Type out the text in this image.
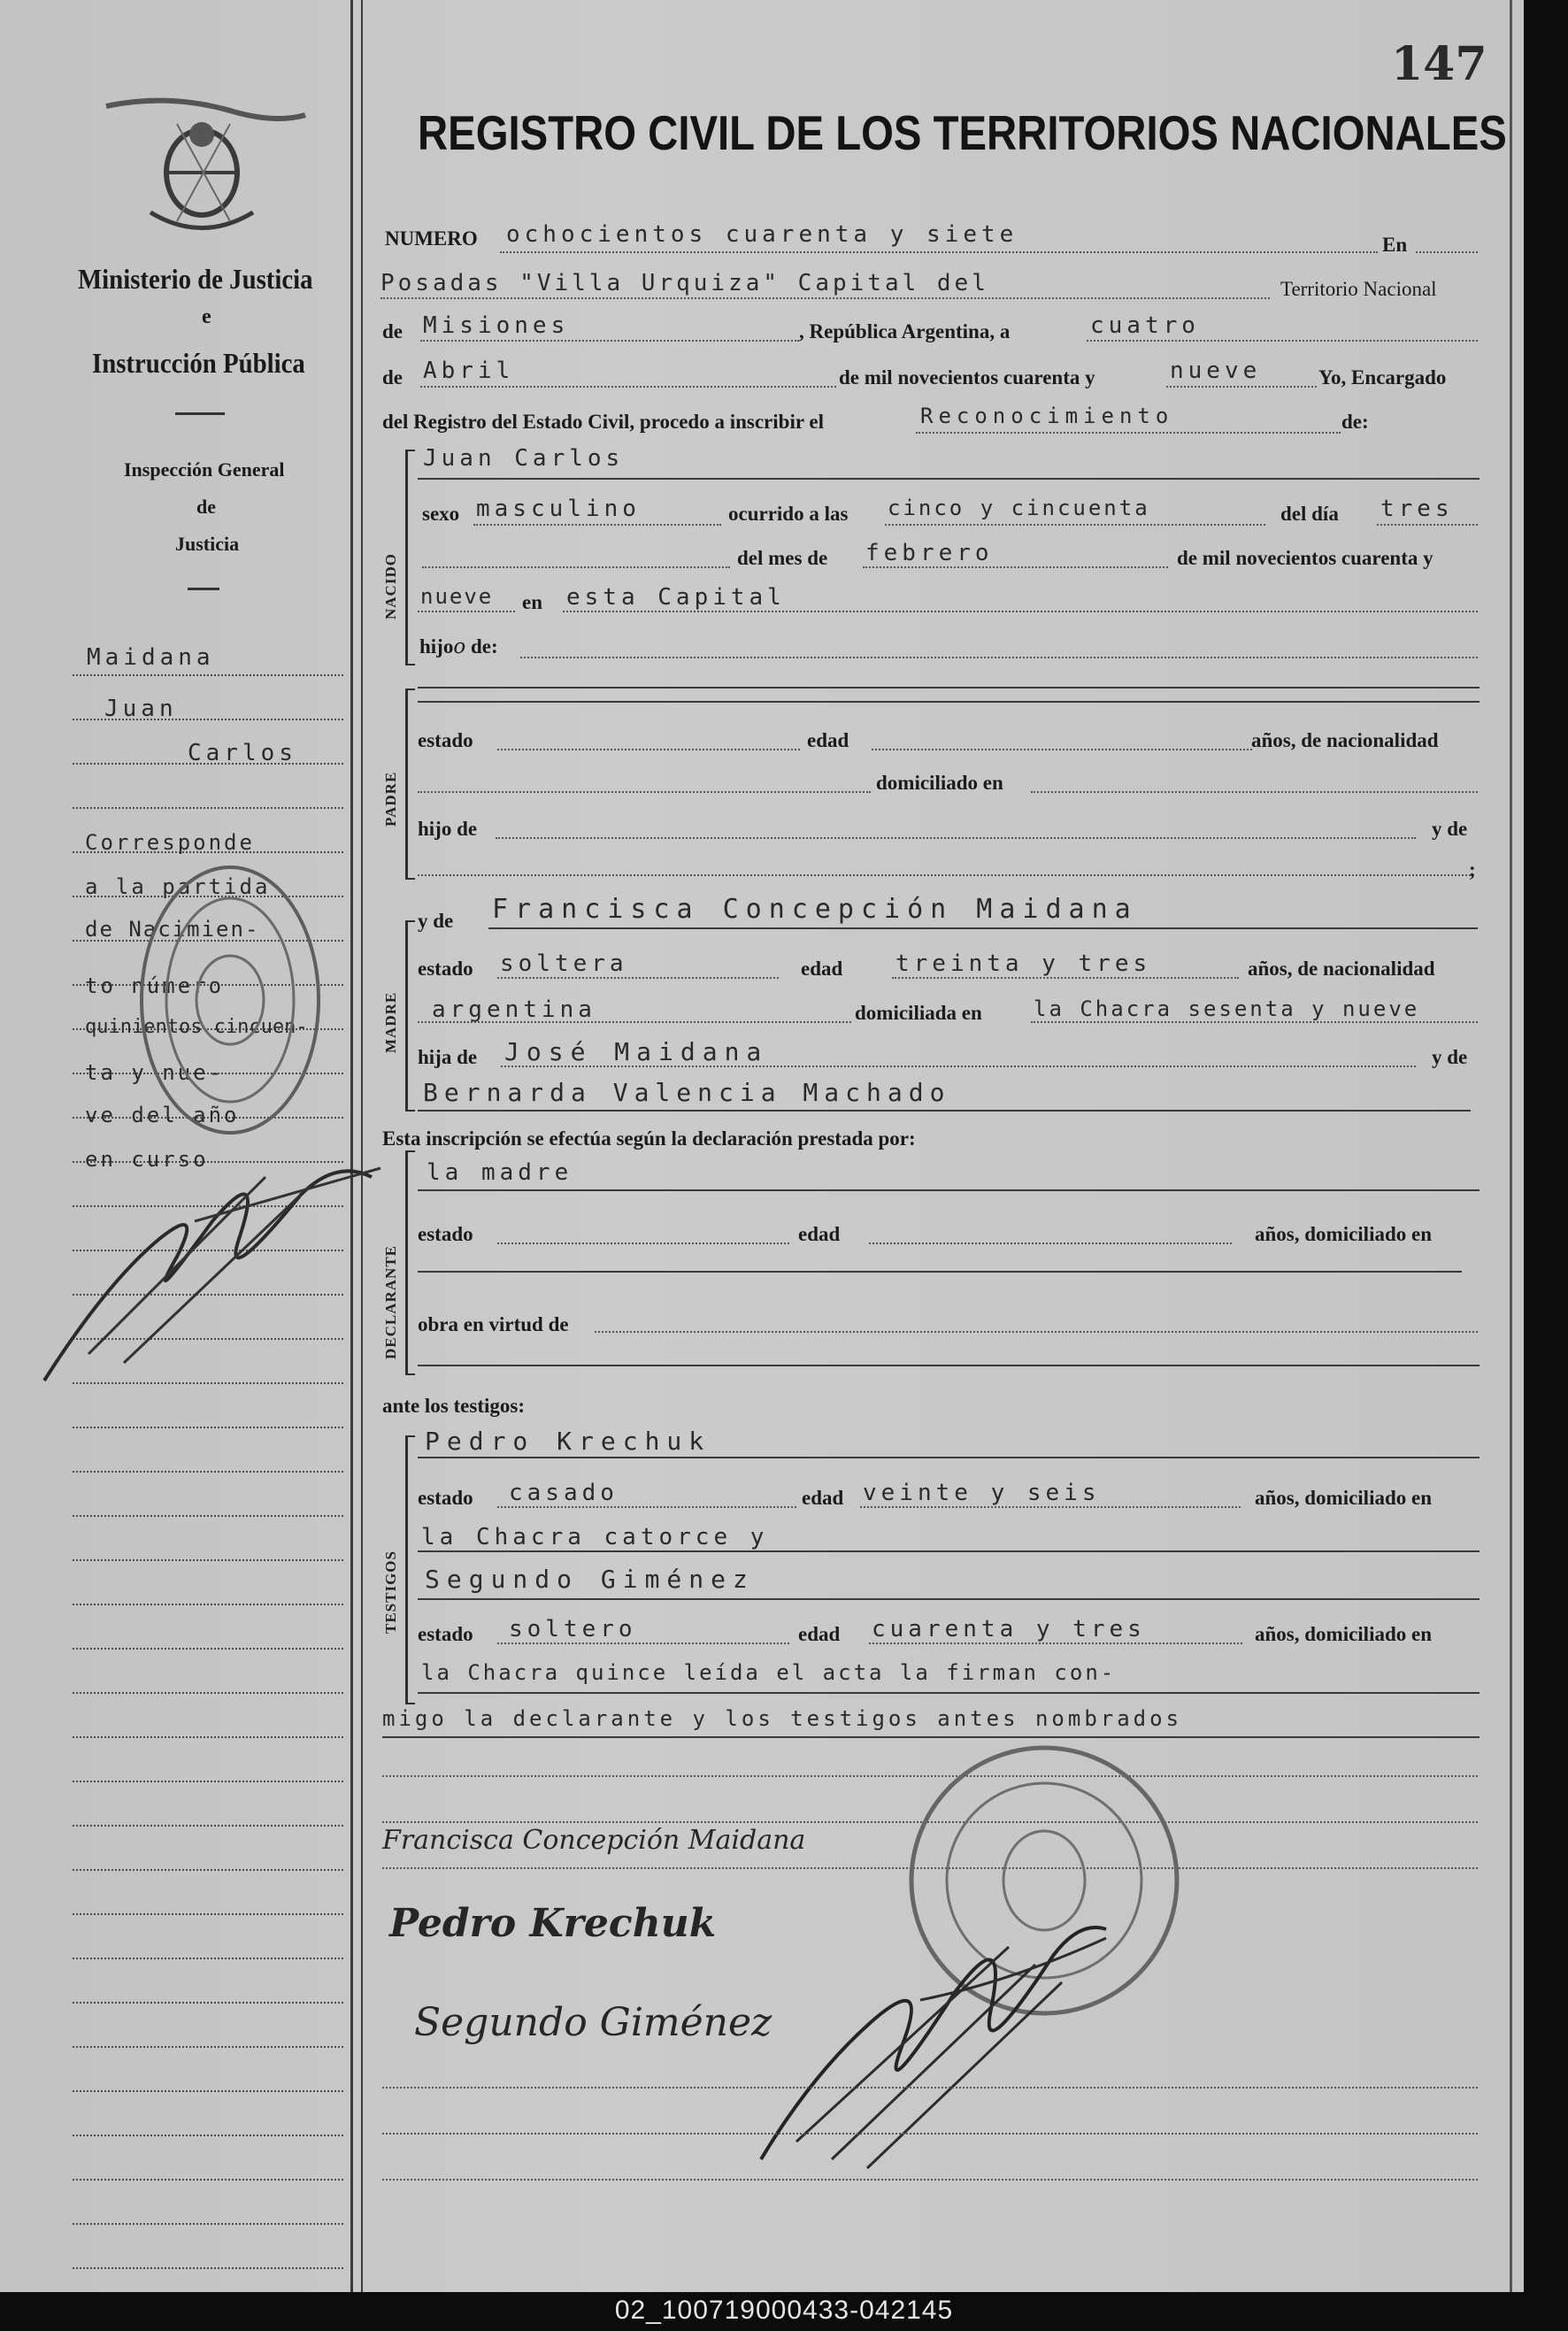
147
REGISTRO CIVIL DE LOS TERRITORIOS NACIONALES
Ministerio de Justicia
e
Instrucción Pública
Inspección General
de
Justicia
Maidana
Juan
Carlos
Corresponde
a la partida
de Nacimien-
to número
quinientos cincuen-
ta y nue-
ve del año
en curso
NUMERO ochocientos cuarenta y siete	En
Posadas "Villa Urquiza" Capital del	Territorio Nacional
de Misiones	, República Argentina, a	cuatro
de Abril	de mil novecientos cuarenta y	nueve	Yo, Encargado
del Registro del Estado Civil, procedo a inscribir el	Reconocimiento	de:
NACIDO
Juan Carlos
sexo masculino	ocurrido a las cinco y cincuenta	del día tres
del mes de febrero	de mil novecientos cuarenta y
nueve en esta Capital
hijoo de:
PADRE
estado	edad	años, de nacionalidad
domiciliado en
hijo de	y de
;
MADRE
y de Francisca Concepción Maidana
estado soltera	edad treinta y tres	años, de nacionalidad
argentina	domiciliada en la Chacra sesenta y nueve
hija de José Maidana	y de
Bernarda Valencia Machado
Esta inscripción se efectúa según la declaración prestada por:
DECLARANTE
la madre
estado	edad	años, domiciliado en
obra en virtud de
ante los testigos:
TESTIGOS
Pedro Krechuk
estado casado	edad veinte y seis	años, domiciliado en
la Chacra catorce y
Segundo Giménez
estado soltero	edad cuarenta y tres	años, domiciliado en
la Chacra quince leída el acta la firman con-
migo la declarante y los testigos antes nombrados
Francisca Concepción Maidana
Pedro Krechuk
Segundo Giménez
02_100719000433-042145
